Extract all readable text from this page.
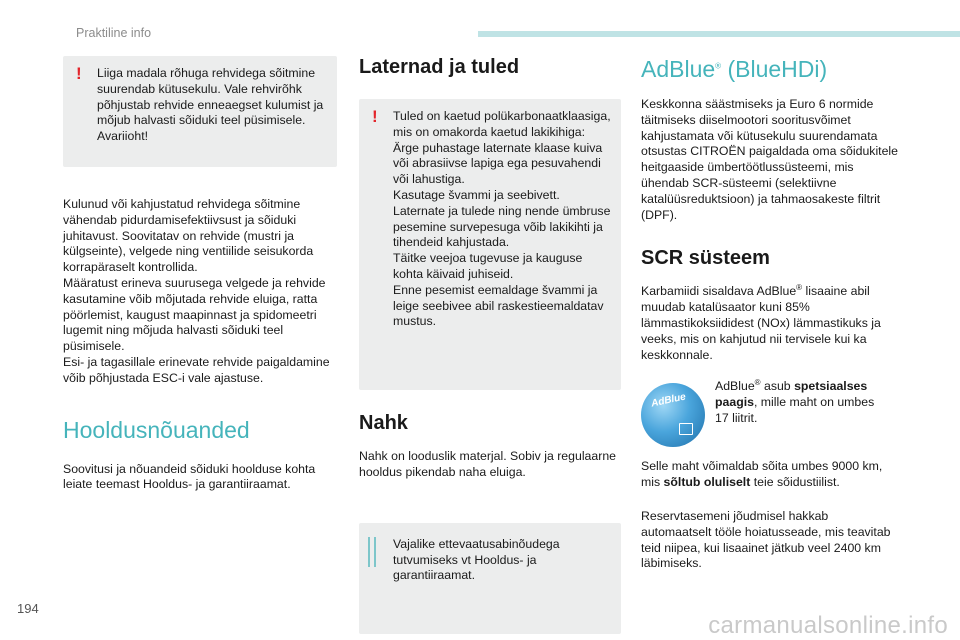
Praktiline info
! Liiga madala rõhuga rehvidega sõitmine suurendab kütusekulu. Vale rehvirõhk põhjustab rehvide enneaegset kulumist ja mõjub halvasti sõiduki teel püsimisele. Avariioht!

Kulunud või kahjustatud rehvidega sõitmine vähendab pidurdamisefektiivsust ja sõiduki juhitavust. Soovitatav on rehvide (mustri ja külgseinte), velgede ning ventiilide seisukorda korrapäraselt kontrollida.

Määratust erineva suurusega velgede ja rehvide kasutamine võib mõjutada rehvide eluiga, ratta pöörlemist, kaugust maapinnast ja spidomeetri lugemit ning mõjuda halvasti sõiduki teel püsimisele.

Esi- ja tagasillale erinevate rehvide paigaldamine võib põhjustada ESC-i vale ajastuse.

Hooldusnõuanded

Soovitusi ja nõuandeid sõiduki hoolduse kohta leiate teemast Hooldus- ja garantiiraamat.

Laternad ja tuled
! Tuled on kaetud polükarbonaatklaasiga, mis on omakorda kaetud lakikihiga:
Ärge puhastage laternate klaase kuiva või abrasiivse lapiga ega pesuvahendi või lahustiga.
Kasutage švammi ja seebivett.
Laternate ja tulede ning nende ümbruse pesemine survepesuga võib lakikihti ja tihendeid kahjustada.
Täitke veejoa tugevuse ja kauguse kohta käivaid juhiseid.
Enne pesemist eemaldage švammi ja leige seebivee abil raskestieemaldatav mustus.
Nahk

Nahk on looduslik materjal. Sobiv ja regulaarne hooldus pikendab naha eluiga.

Vajalike ettevaatusabinõudega tutvumiseks vt Hooldus- ja garantiiraamat.
AdBlue® (BlueHDi)

Keskkonna säästmiseks ja Euro 6 normide täitmiseks diiselmootori sooritusvõimet kahjustamata või kütusekulu suurendamata otsustas CITROËN paigaldada oma sõidukitele heitgaaside ümbertöötlussüsteemi, mis ühendab SCR-süsteemi (selektiivne katalüüsreduktsioon) ja tahmaosakeste filtrit (DPF).

SCR süsteem

Karbamiidi sisaldava AdBlue® lisaaine abil muudab katalüsaator kuni 85% lämmastikoksiididest (NOx) lämmastikuks ja veeks, mis on kahjutud nii tervisele kui ka keskkonnale.

AdBlue

AdBlue® asub spetsiaalses paagis, mille maht on umbes 17 liitrit.

Selle maht võimaldab sõita umbes 9000 km, mis sõltub oluliselt teie sõidustiilist.

Reservtasemeni jõudmisel hakkab automaatselt tööle hoiatusseade, mis teavitab teid niipea, kui lisaainet jätkub veel 2400 km läbimiseks.

194
carmanualsonline.info
